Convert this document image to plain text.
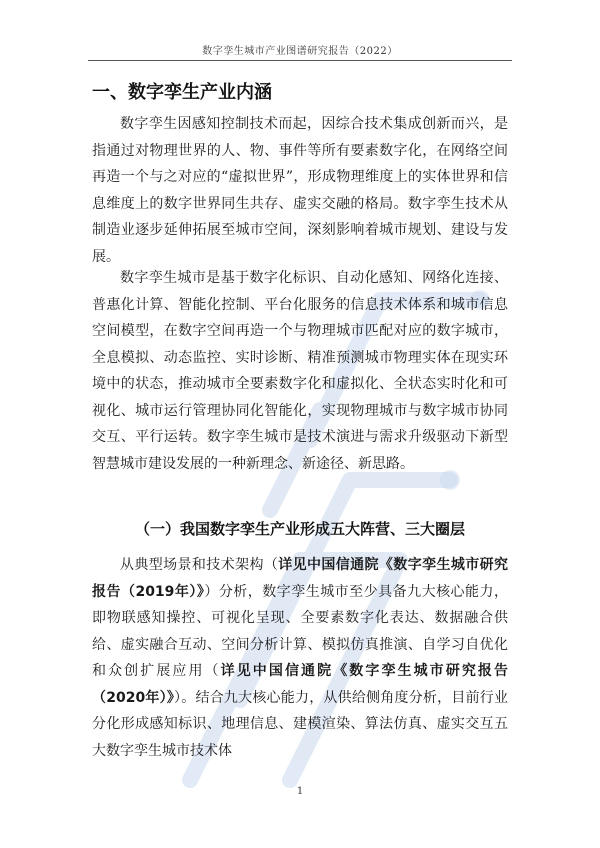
数字孪生城市产业图谱研究报告（2022）
一、数字孪生产业内涵

数字孪生因感知控制技术而起，因综合技术集成创新而兴，是指通过对物理世界的人、物、事件等所有要素数字化，在网络空间再造一个与之对应的“虚拟世界”，形成物理维度上的实体世界和信息维度上的数字世界同生共存、虚实交融的格局。数字孪生技术从制造业逐步延伸拓展至城市空间，深刻影响着城市规划、建设与发展。

数字孪生城市是基于数字化标识、自动化感知、网络化连接、普惠化计算、智能化控制、平台化服务的信息技术体系和城市信息空间模型，在数字空间再造一个与物理城市匹配对应的数字城市，全息模拟、动态监控、实时诊断、精准预测城市物理实体在现实环境中的状态，推动城市全要素数字化和虚拟化、全状态实时化和可视化、城市运行管理协同化智能化，实现物理城市与数字城市协同交互、平行运转。数字孪生城市是技术演进与需求升级驱动下新型智慧城市建设发展的一种新理念、新途径、新思路。

（一）我国数字孪生产业形成五大阵营、三大圈层

从典型场景和技术架构（详见中国信通院《数字孪生城市研究报告（2019年）》）分析，数字孪生城市至少具备九大核心能力，即物联感知操控、可视化呈现、全要素数字化表达、数据融合供给、虚实融合互动、空间分析计算、模拟仿真推演、自学习自优化和众创扩展应用（详见中国信通院《数字孪生城市研究报告（2020年）》）。结合九大核心能力，从供给侧角度分析，目前行业分化形成感知标识、地理信息、建模渲染、算法仿真、虚实交互五大数字孪生城市技术体

1
